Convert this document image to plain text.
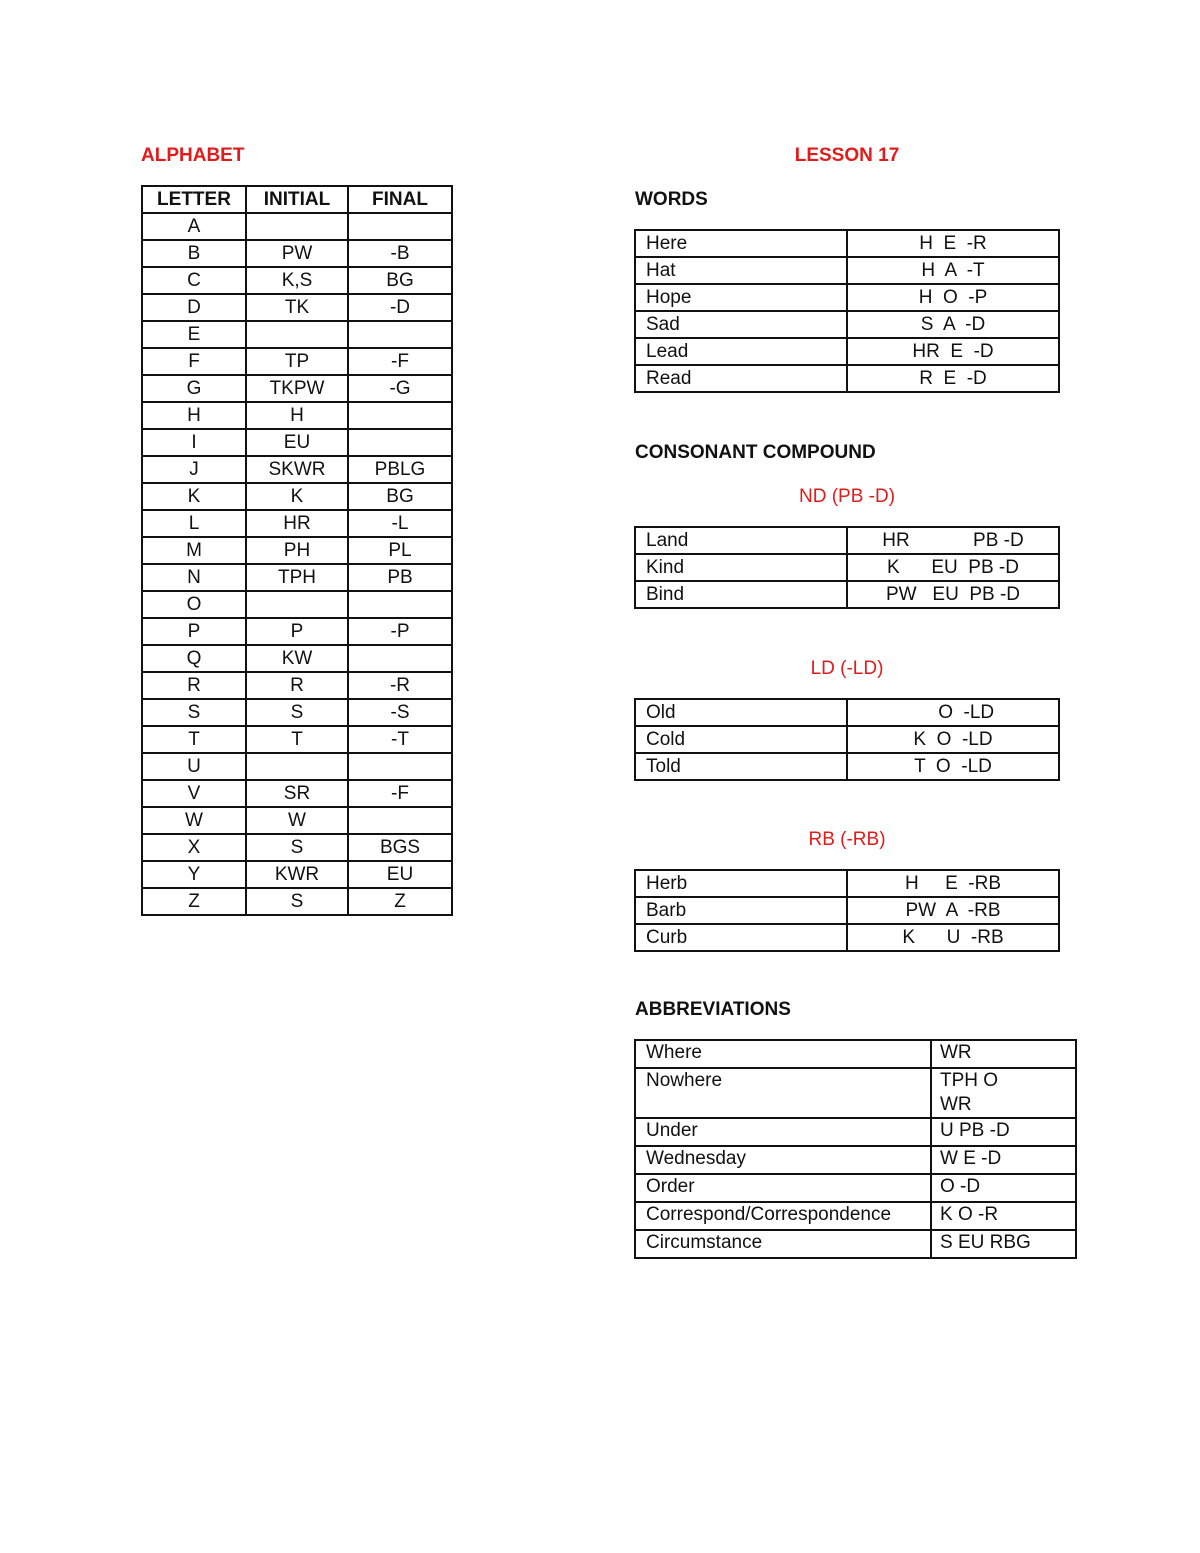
ALPHABET
LETTER	INITIAL	FINAL
A		
B	PW	-B
C	K,S	BG
D	TK	-D
E		
F	TP	-F
G	TKPW	-G
H	H	
I	EU	
J	SKWR	PBLG
K	K	BG
L	HR	-L
M	PH	PL
N	TPH	PB
O		
P	P	-P
Q	KW	
R	R	-R
S	S	-S
T	T	-T
U		
V	SR	-F
W	W	
X	S	BGS
Y	KWR	EU
Z	S	Z
LESSON 17
WORDS
Here	H  E  -R
Hat	H  A  -T
Hope	H  O  -P
Sad	S  A  -D
Lead	HR  E  -D
Read	R  E  -D
CONSONANT COMPOUND
ND (PB -D)
Land	HR            PB -D
Kind	K      EU  PB -D
Bind	PW   EU  PB -D
LD (-LD)
Old	O  -LD
Cold	K  O  -LD
Told	T  O  -LD
RB (-RB)
Herb	H     E  -RB
Barb	PW  A  -RB
Curb	K      U  -RB
ABBREVIATIONS
Where	WR
Nowhere	TPH O
WR
Under	U PB -D
Wednesday	W E -D
Order	O -D
Correspond/Correspondence	K O -R
Circumstance	S EU RBG
